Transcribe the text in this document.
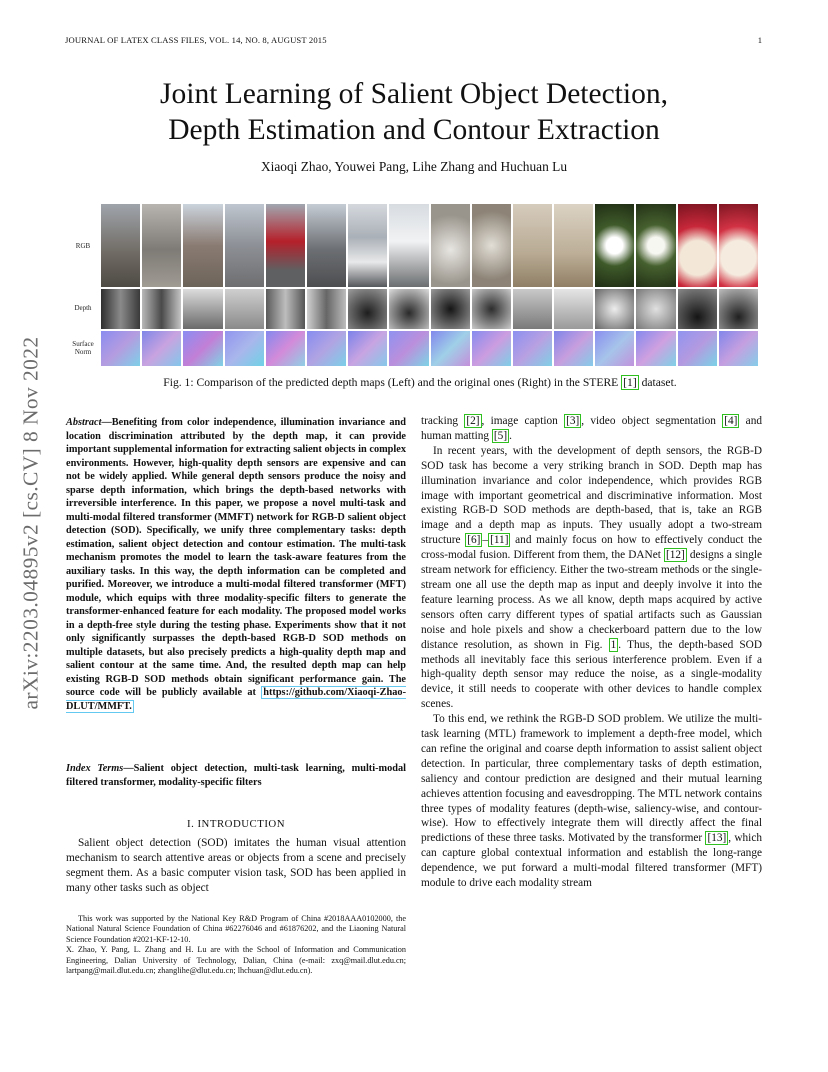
JOURNAL OF LATEX CLASS FILES, VOL. 14, NO. 8, AUGUST 2015	1
Joint Learning of Salient Object Detection,
Depth Estimation and Contour Extraction
Xiaoqi Zhao, Youwei Pang, Lihe Zhang and Huchuan Lu
arXiv:2203.04895v2 [cs.CV] 8 Nov 2022
RGB
Depth
Surface Norm
Fig. 1: Comparison of the predicted depth maps (Left) and the original ones (Right) in the STERE [1] dataset.
Abstract—Benefiting from color independence, illumination invariance and location discrimination attributed by the depth map, it can provide important supplemental information for extracting salient objects in complex environments. However, high-quality depth sensors are expensive and can not be widely applied. While general depth sensors produce the noisy and sparse depth information, which brings the depth-based networks with irreversible interference. In this paper, we propose a novel multi-task and multi-modal filtered transformer (MMFT) network for RGB-D salient object detection (SOD). Specifically, we unify three complementary tasks: depth estimation, salient object detection and contour estimation. The multi-task mechanism promotes the model to learn the task-aware features from the auxiliary tasks. In this way, the depth information can be completed and purified. Moreover, we introduce a multi-modal filtered transformer (MFT) module, which equips with three modality-specific filters to generate the transformer-enhanced feature for each modality. The proposed model works in a depth-free style during the testing phase. Experiments show that it not only significantly surpasses the depth-based RGB-D SOD methods on multiple datasets, but also precisely predicts a high-quality depth map and salient contour at the same time. And, the resulted depth map can help existing RGB-D SOD methods obtain significant performance gain. The source code will be publicly available at https://github.com/Xiaoqi-Zhao-DLUT/MMFT.
Index Terms—Salient object detection, multi-task learning, multi-modal filtered transformer, modality-specific filters
I. INTRODUCTION

Salient object detection (SOD) imitates the human visual attention mechanism to search attentive areas or objects from a scene and precisely segment them. As a basic computer vision task, SOD has been applied in many other tasks such as object

This work was supported by the National Key R&D Program of China #2018AAA0102000, the National Natural Science Foundation of China #62276046 and #61876202, and the Liaoning Natural Science Foundation #2021-KF-12-10.

X. Zhao, Y. Pang, L. Zhang and H. Lu are with the School of Information and Communication Engineering, Dalian University of Technology, Dalian, China (e-mail: zxq@mail.dlut.edu.cn; lartpang@mail.dlut.edu.cn; zhanglihe@dlut.edu.cn; lhchuan@dlut.edu.cn).

tracking [2] , image caption [3] , video object segmentation [4] and human matting [5] .

In recent years, with the development of depth sensors, the RGB-D SOD task has become a very striking branch in SOD. Depth map has illumination invariance and color independence, which provides RGB image with important geometrical and discriminative information. Most existing RGB-D SOD methods are depth-based, that is, take an RGB image and a depth map as inputs. They usually adopt a two-stream structure [6] – [11] and mainly focus on how to effectively conduct the cross-modal fusion. Different from them, the DANet [12] designs a single stream network for efficiency. Either the two-stream methods or the single-stream one all use the depth map as input and deeply involve it into the feature learning process. As we all know, depth maps acquired by active sensors often carry different types of spatial artifacts such as Gaussian noise and hole pixels and show a checkerboard pattern due to the low distance resolution, as shown in Fig. 1 . Thus, the depth-based SOD methods all inevitably face this serious interference problem. Even if a high-quality depth sensor may reduce the noise, as a single-modality device, it still needs to cooperate with other devices to handle complex scenes.

To this end, we rethink the RGB-D SOD problem. We utilize the multi-task learning (MTL) framework to implement a depth-free model, which can refine the original and coarse depth information to assist salient object detection. In particular, three complementary tasks of depth estimation, saliency and contour prediction are designed and their mutual learning achieves attention focusing and eavesdropping. The MTL network contains three types of modality features (depth-wise, saliency-wise, and contour-wise). How to effectively integrate them will directly affect the final predictions of these three tasks. Motivated by the transformer [13] , which can capture global contextual information and establish the long-range dependence, we put forward a multi-modal filtered transformer (MFT) module to drive each modality stream
